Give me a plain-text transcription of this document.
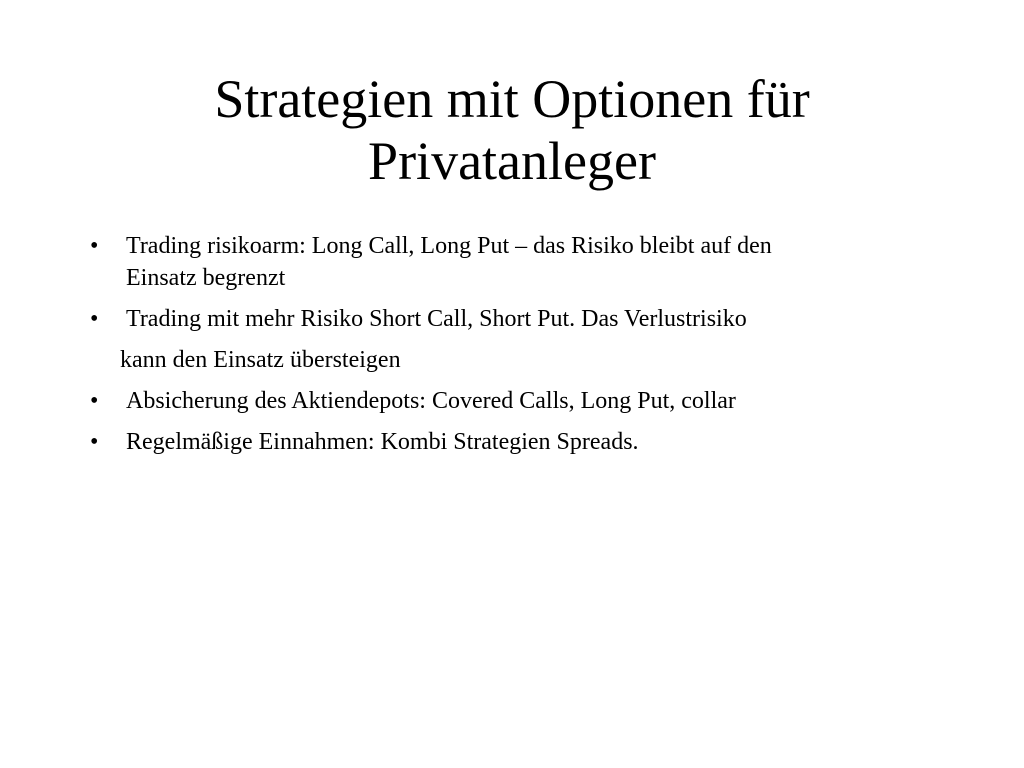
Strategien mit Optionen für
Privatanleger
•	Trading risikoarm: Long Call, Long Put – das Risiko bleibt auf den
Einsatz begrenzt
•	Trading mit mehr Risiko Short Call, Short Put. Das Verlustrisiko
kann den Einsatz übersteigen
•	Absicherung des Aktiendepots: Covered Calls, Long Put, collar
•	Regelmäßige Einnahmen: Kombi Strategien Spreads.
